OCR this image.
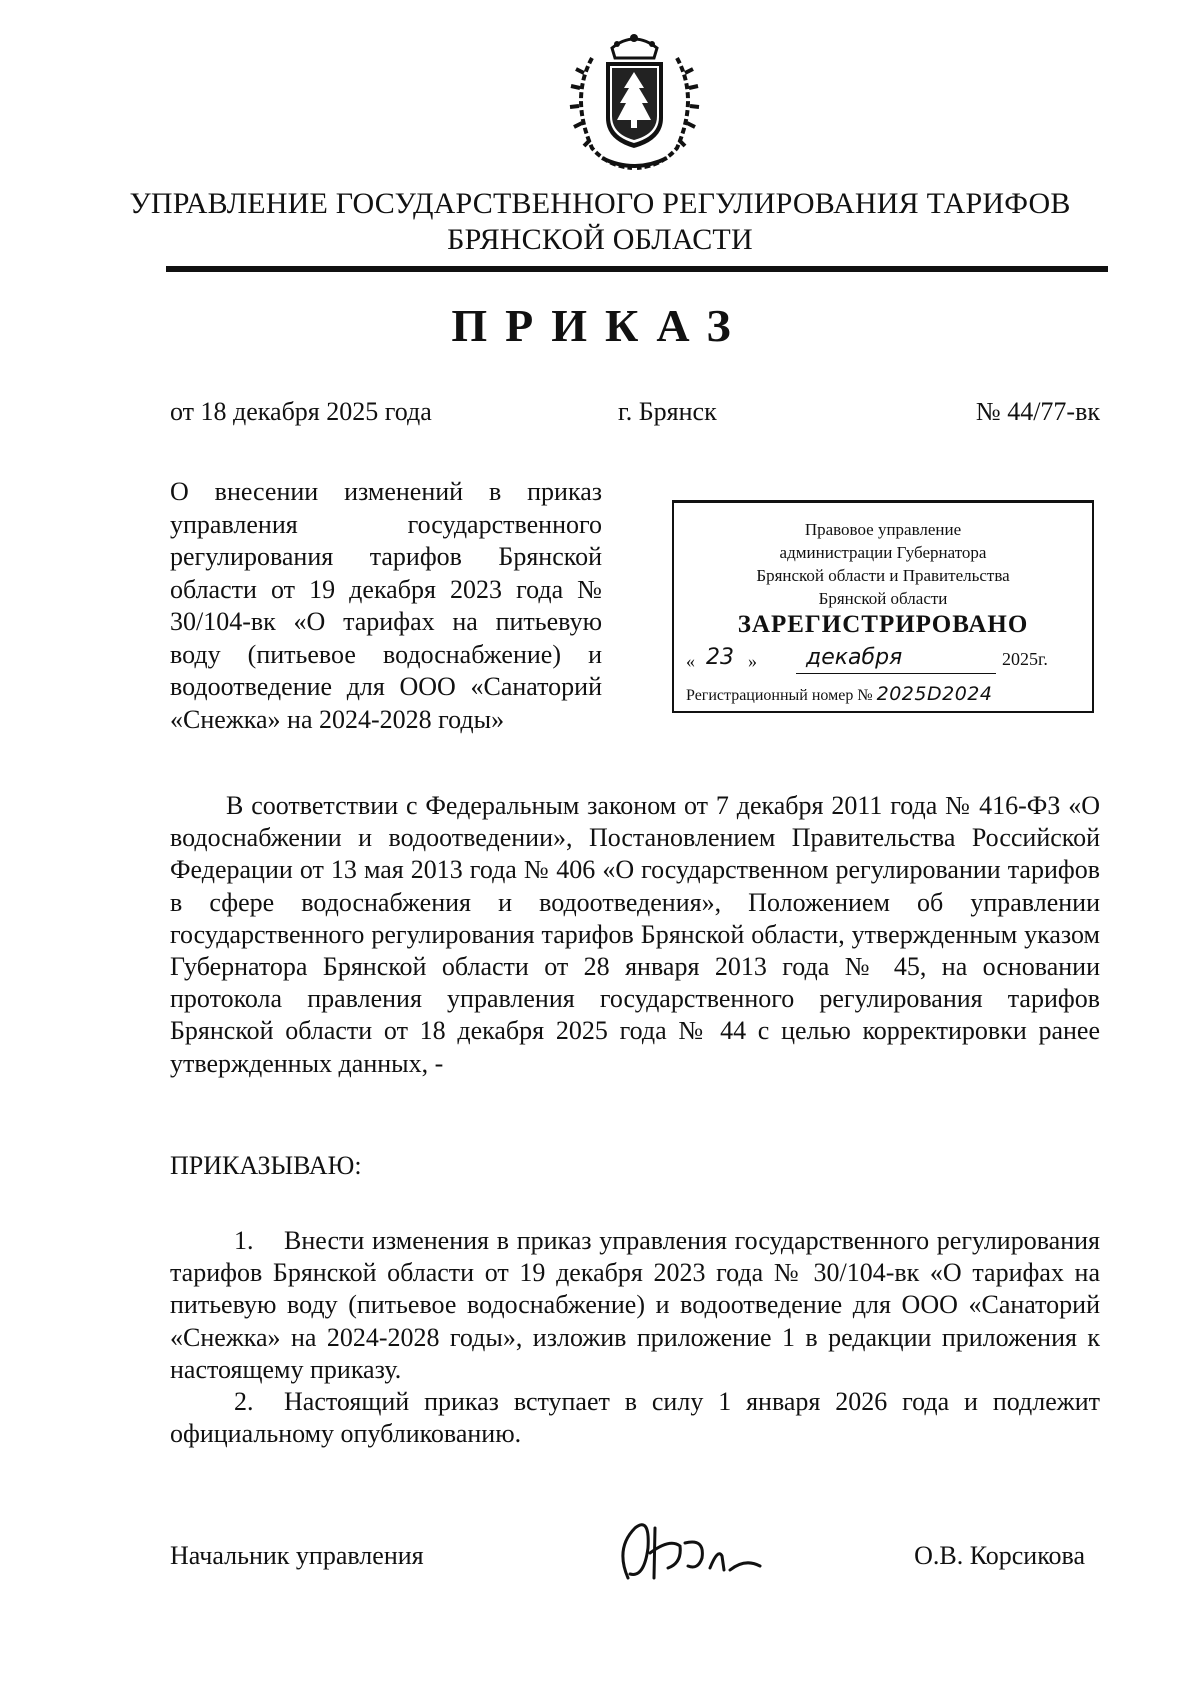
УПРАВЛЕНИЕ ГОСУДАРСТВЕННОГО РЕГУЛИРОВАНИЯ ТАРИФОВ
БРЯНСКОЙ ОБЛАСТИ
ПРИКАЗ
от 18 декабря 2025 года	г. Брянск	№ 44/77-вк
О внесении изменений в приказ управления государственного регулирования тарифов Брянской области от 19 декабря 2023 года № 30/104-вк «О тарифах на питьевую воду (питьевое водоснабжение) и водоотведение для ООО «Санаторий «Снежка» на 2024-2028 годы»
Правовое управление
администрации Губернатора
Брянской области и Правительства
Брянской области
ЗАРЕГИСТРИРОВАНО
« 23 » декабря	2025г.
Регистрационный номер № 2025D2024
В соответствии с Федеральным законом от 7 декабря 2011 года № 416-ФЗ «О водоснабжении и водоотведении», Постановлением Правительства Российской Федерации от 13 мая 2013 года № 406 «О государственном регулировании тарифов в сфере водоснабжения и водоотведения», Положением об управлении государственного регулирования тарифов Брянской области, утвержденным указом Губернатора Брянской области от 28 января 2013 года № 45, на основании протокола правления управления государственного регулирования тарифов Брянской области от 18 декабря 2025 года № 44 с целью корректировки ранее утвержденных данных, -
ПРИКАЗЫВАЮ:
1. Внести изменения в приказ управления государственного регулирования тарифов Брянской области от 19 декабря 2023 года № 30/104-вк «О тарифах на питьевую воду (питьевое водоснабжение) и водоотведение для ООО «Санаторий «Снежка» на 2024-2028 годы», изложив приложение 1 в редакции приложения к настоящему приказу.
2. Настоящий приказ вступает в силу 1 января 2026 года и подлежит официальному опубликованию.
Начальник управления	О.В. Корсикова
